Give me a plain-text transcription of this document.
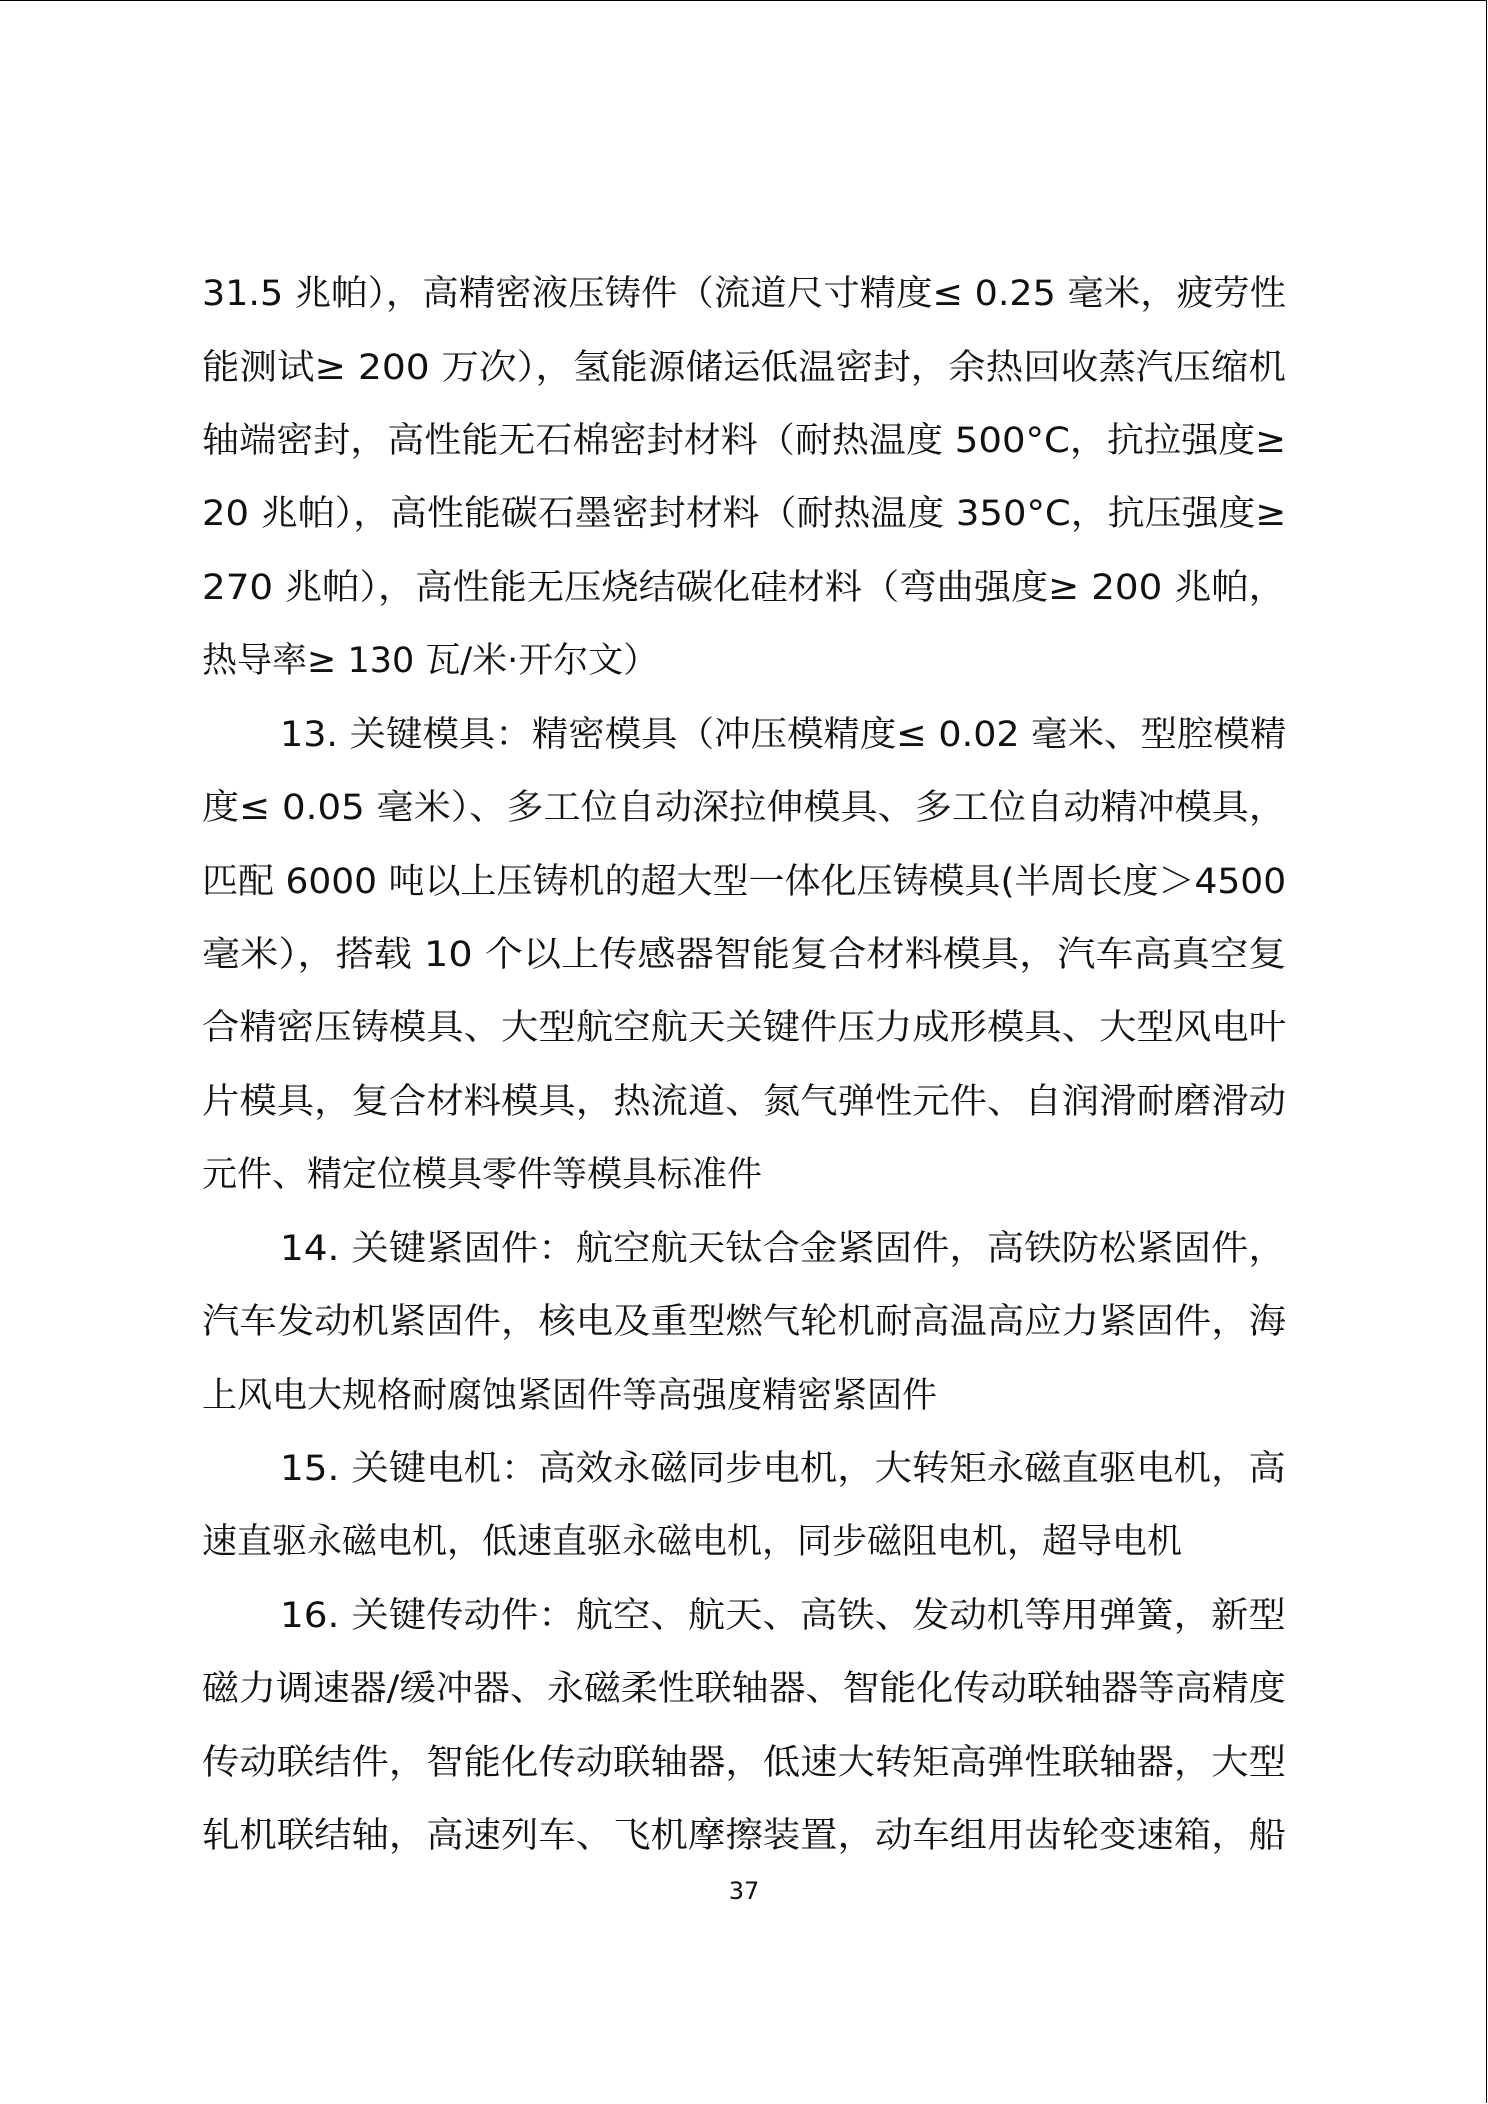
31.5 兆帕），高精密液压铸件（流道尺寸精度≤ 0.25 毫米，疲劳性

能测试≥ 200 万次），氢能源储运低温密封，余热回收蒸汽压缩机

轴端密封，高性能无石棉密封材料（耐热温度 500°C，抗拉强度≥

20 兆帕），高性能碳石墨密封材料（耐热温度 350°C，抗压强度≥

270 兆帕），高性能无压烧结碳化硅材料（弯曲强度≥ 200 兆帕，

热导率≥ 130 瓦/米·开尔文）

13. 关键模具：精密模具（冲压模精度≤ 0.02 毫米、型腔模精

度≤ 0.05 毫米）、多工位自动深拉伸模具、多工位自动精冲模具，

匹配 6000 吨以上压铸机的超大型一体化压铸模具(半周长度＞4500

毫米），搭载 10 个以上传感器智能复合材料模具，汽车高真空复

合精密压铸模具、大型航空航天关键件压力成形模具、大型风电叶

片模具，复合材料模具，热流道、氮气弹性元件、自润滑耐磨滑动

元件、精定位模具零件等模具标准件

14. 关键紧固件：航空航天钛合金紧固件，高铁防松紧固件，

汽车发动机紧固件，核电及重型燃气轮机耐高温高应力紧固件，海

上风电大规格耐腐蚀紧固件等高强度精密紧固件

15. 关键电机：高效永磁同步电机，大转矩永磁直驱电机，高

速直驱永磁电机，低速直驱永磁电机，同步磁阻电机，超导电机

16. 关键传动件：航空、航天、高铁、发动机等用弹簧，新型

磁力调速器/缓冲器、永磁柔性联轴器、智能化传动联轴器等高精度

传动联结件，智能化传动联轴器，低速大转矩高弹性联轴器，大型

轧机联结轴，高速列车、飞机摩擦装置，动车组用齿轮变速箱，船

37
